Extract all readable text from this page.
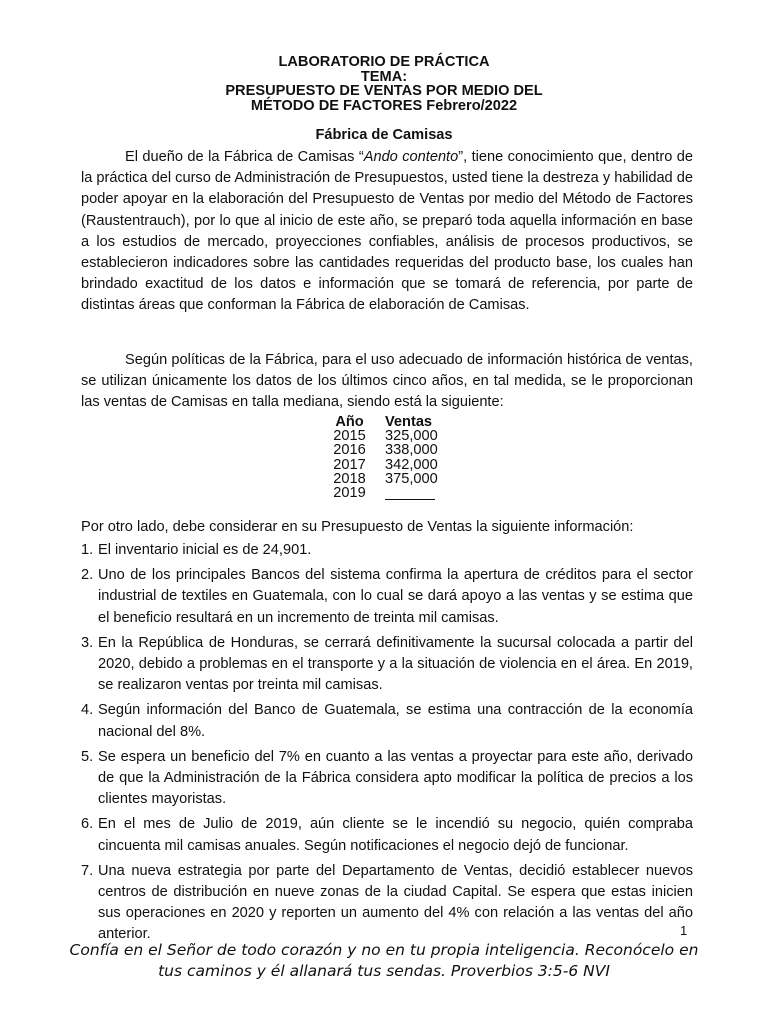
LABORATORIO DE PRÁCTICA
TEMA:
PRESUPUESTO DE VENTAS POR MEDIO DEL
MÉTODO DE FACTORES Febrero/2022
Fábrica de Camisas

El dueño de la Fábrica de Camisas “Ando contento”, tiene conocimiento que, dentro de la práctica del curso de Administración de Presupuestos, usted tiene la destreza y habilidad de poder apoyar en la elaboración del Presupuesto de Ventas por medio del Método de Factores (Raustentrauch), por lo que al inicio de este año, se preparó toda aquella información en base a los estudios de mercado, proyecciones confiables, análisis de procesos productivos, se establecieron indicadores sobre las cantidades requeridas del producto base, los cuales han brindado exactitud de los datos e información que se tomará de referencia, por parte de distintas áreas que conforman la Fábrica de elaboración de Camisas.

Según políticas de la Fábrica, para el uso adecuado de información histórica de ventas, se utilizan únicamente los datos de los últimos cinco años, en tal medida, se le proporcionan las ventas de Camisas en talla mediana, siendo está la siguiente:

Año	Ventas
2015	325,000
2016	338,000
2017	342,000
2018	375,000
2019	
Por otro lado, debe considerar en su Presupuesto de Ventas la siguiente información:
1. El inventario inicial es de 24,901.
2. Uno de los principales Bancos del sistema confirma la apertura de créditos para el sector industrial de textiles en Guatemala, con lo cual se dará apoyo a las ventas y se estima que el beneficio resultará en un incremento de treinta mil camisas.
3. En la República de Honduras, se cerrará definitivamente la sucursal colocada a partir del 2020, debido a problemas en el transporte y a la situación de violencia en el área. En 2019, se realizaron ventas por treinta mil camisas.
4. Según información del Banco de Guatemala, se estima una contracción de la economía nacional del 8%.
5. Se espera un beneficio del 7% en cuanto a las ventas a proyectar para este año, derivado de que la Administración de la Fábrica considera apto modificar la política de precios a los clientes mayoristas.
6. En el mes de Julio de 2019, aún cliente se le incendió su negocio, quién compraba cincuenta mil camisas anuales. Según notificaciones el negocio dejó de funcionar.
7. Una nueva estrategia por parte del Departamento de Ventas, decidió establecer nuevos centros de distribución en nueve zonas de la ciudad Capital. Se espera que estas inicien sus operaciones en 2020 y reporten un aumento del 4% con relación a las ventas del año anterior.	1
Confía en el Señor de todo corazón y no en tu propia inteligencia. Reconócelo en
tus caminos y él allanará tus sendas. Proverbios 3:5-6 NVI
